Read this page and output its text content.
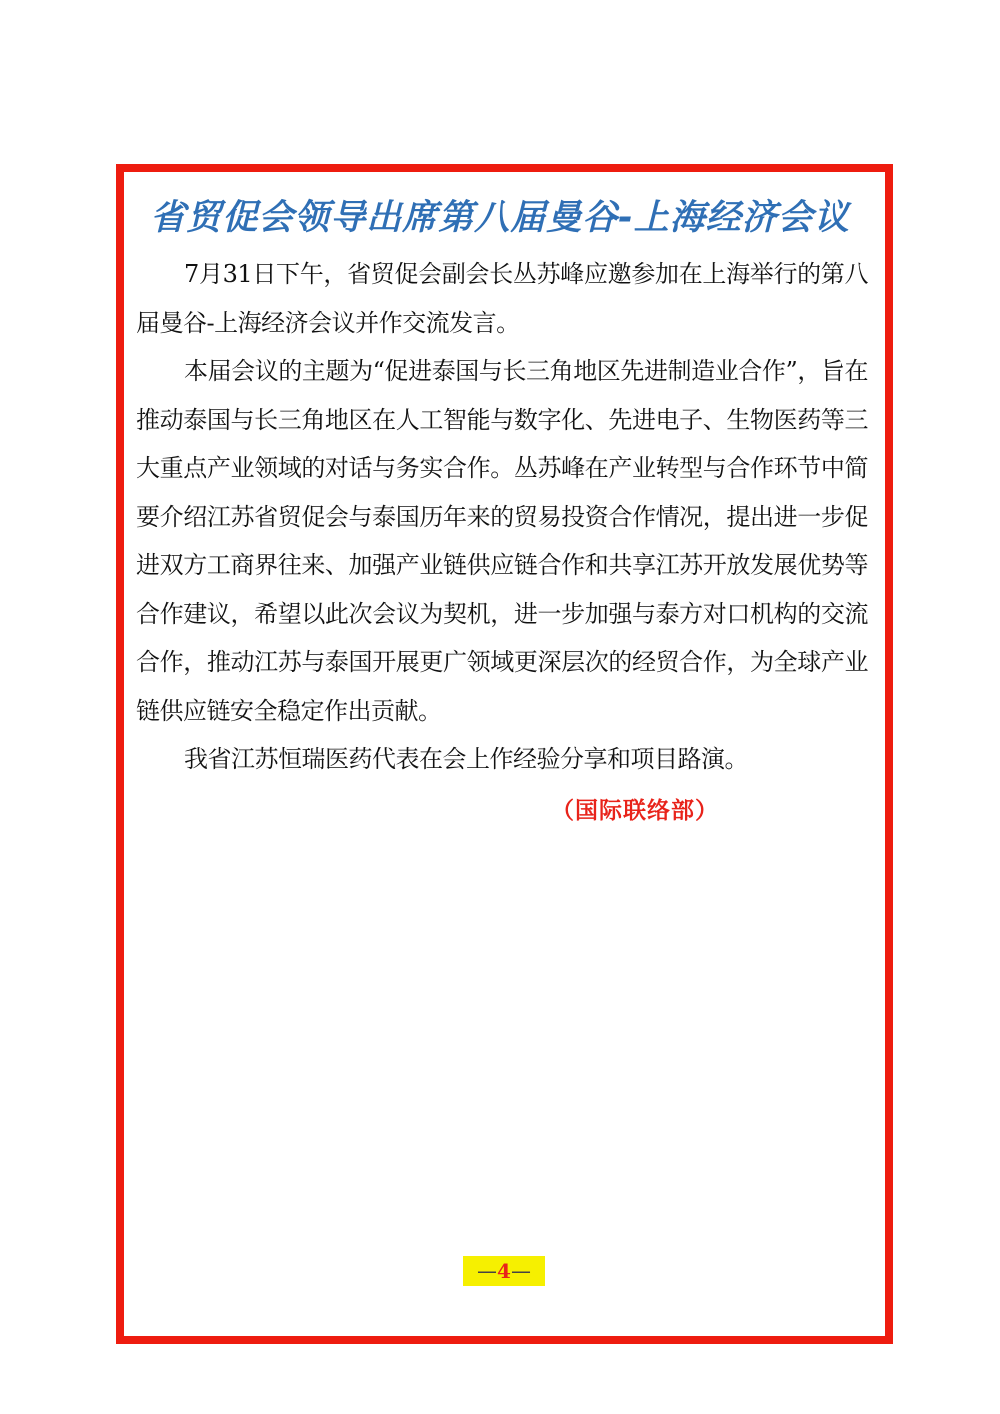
省贸促会领导出席第八届曼谷-上海经济会议

7月31日下午，省贸促会副会长丛苏峰应邀参加在上海举行的第八届曼谷-上海经济会议并作交流发言。

本届会议的主题为“促进泰国与长三角地区先进制造业合作”，旨在推动泰国与长三角地区在人工智能与数字化、先进电子、生物医药等三大重点产业领域的对话与务实合作。丛苏峰在产业转型与合作环节中简要介绍江苏省贸促会与泰国历年来的贸易投资合作情况，提出进一步促进双方工商界往来、加强产业链供应链合作和共享江苏开放发展优势等合作建议，希望以此次会议为契机，进一步加强与泰方对口机构的交流合作，推动江苏与泰国开展更广领域更深层次的经贸合作，为全球产业链供应链安全稳定作出贡献。

我省江苏恒瑞医药代表在会上作经验分享和项目路演。

（国际联络部）
—4—
